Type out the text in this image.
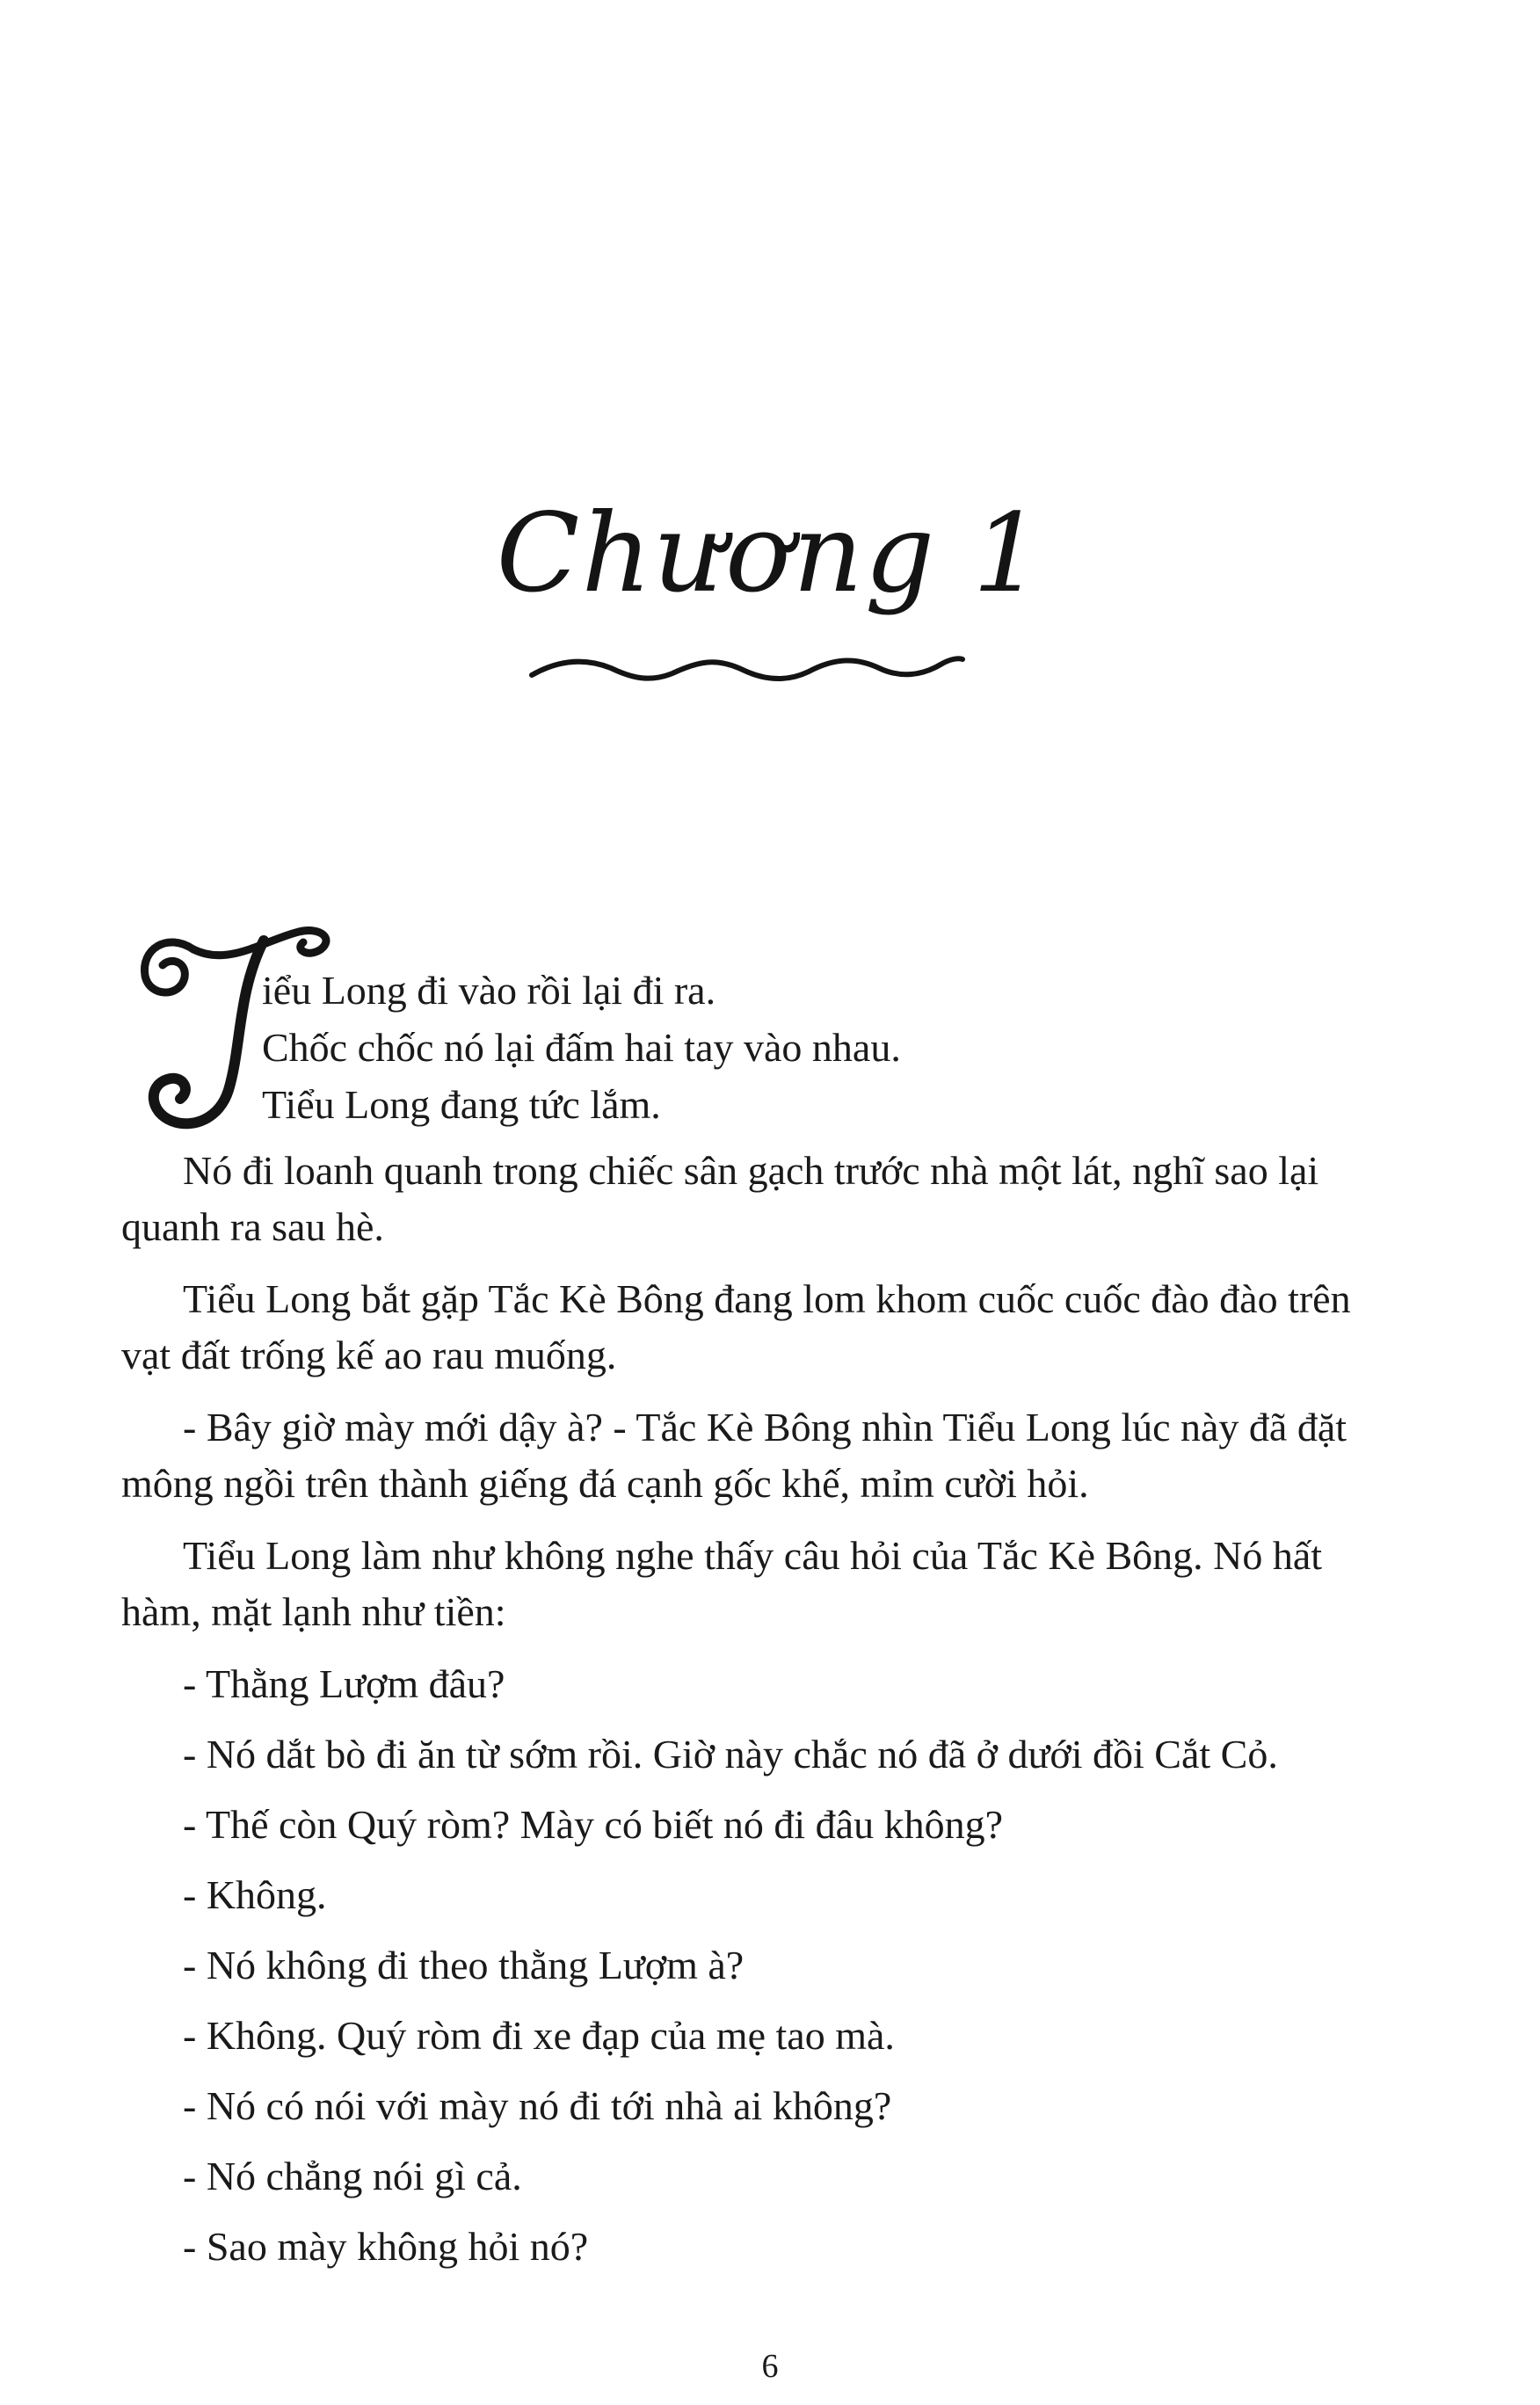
Chương 1

iểu Long đi vào rồi lại đi ra.

Chốc chốc nó lại đấm hai tay vào nhau.

Tiểu Long đang tức lắm.

Nó đi loanh quanh trong chiếc sân gạch trước nhà một lát, nghĩ sao lại quanh ra sau hè.

Tiểu Long bắt gặp Tắc Kè Bông đang lom khom cuốc cuốc đào đào trên vạt đất trống kế ao rau muống.

- Bây giờ mày mới dậy à? - Tắc Kè Bông nhìn Tiểu Long lúc này đã đặt mông ngồi trên thành giếng đá cạnh gốc khế, mỉm cười hỏi.

Tiểu Long làm như không nghe thấy câu hỏi của Tắc Kè Bông. Nó hất hàm, mặt lạnh như tiền:

- Thằng Lượm đâu?

- Nó dắt bò đi ăn từ sớm rồi. Giờ này chắc nó đã ở dưới đồi Cắt Cỏ.

- Thế còn Quý ròm? Mày có biết nó đi đâu không?

- Không.

- Nó không đi theo thằng Lượm à?

- Không. Quý ròm đi xe đạp của mẹ tao mà.

- Nó có nói với mày nó đi tới nhà ai không?

- Nó chẳng nói gì cả.

- Sao mày không hỏi nó?

6
